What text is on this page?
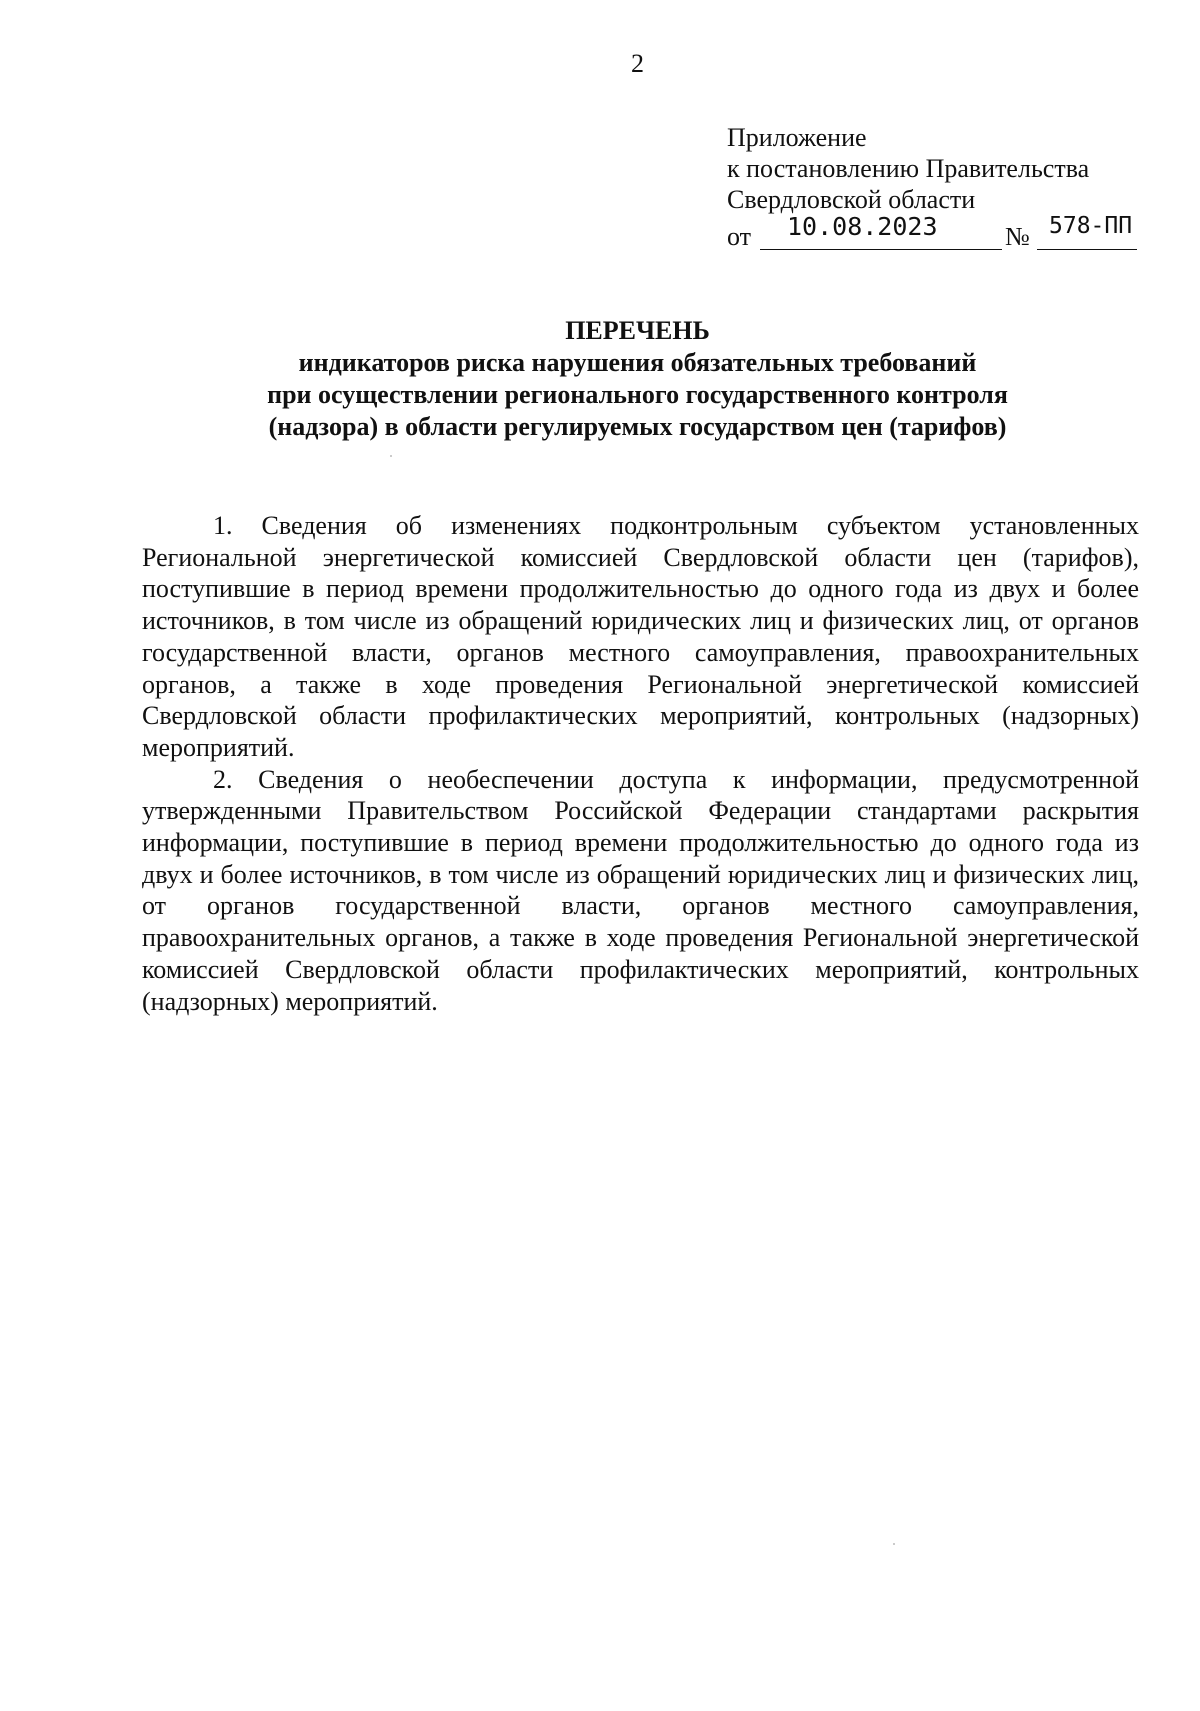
2
Приложение
к постановлению Правительства
Свердловской области
от 10.08.2023	№ 578-ПП
ПЕРЕЧЕНЬ
индикаторов риска нарушения обязательных требований
при осуществлении регионального государственного контроля
(надзора) в области регулируемых государством цен (тарифов)

1. Сведения об изменениях подконтрольным субъектом установленных Региональной энергетической комиссией Свердловской области цен (тарифов), поступившие в период времени продолжительностью до одного года из двух и более источников, в том числе из обращений юридических лиц и физических лиц, от органов государственной власти, органов местного самоуправления, правоохранительных органов, а также в ходе проведения Региональной энергетической комиссией Свердловской области профилактических мероприятий, контрольных (надзорных) мероприятий.

2. Сведения о необеспечении доступа к информации, предусмотренной утвержденными Правительством Российской Федерации стандартами раскрытия информации, поступившие в период времени продолжительностью до одного года из двух и более источников, в том числе из обращений юридических лиц и физических лиц, от органов государственной власти, органов местного самоуправления, правоохранительных органов, а также в ходе проведения Региональной энергетической комиссией Свердловской области профилактических мероприятий, контрольных (надзорных) мероприятий.
